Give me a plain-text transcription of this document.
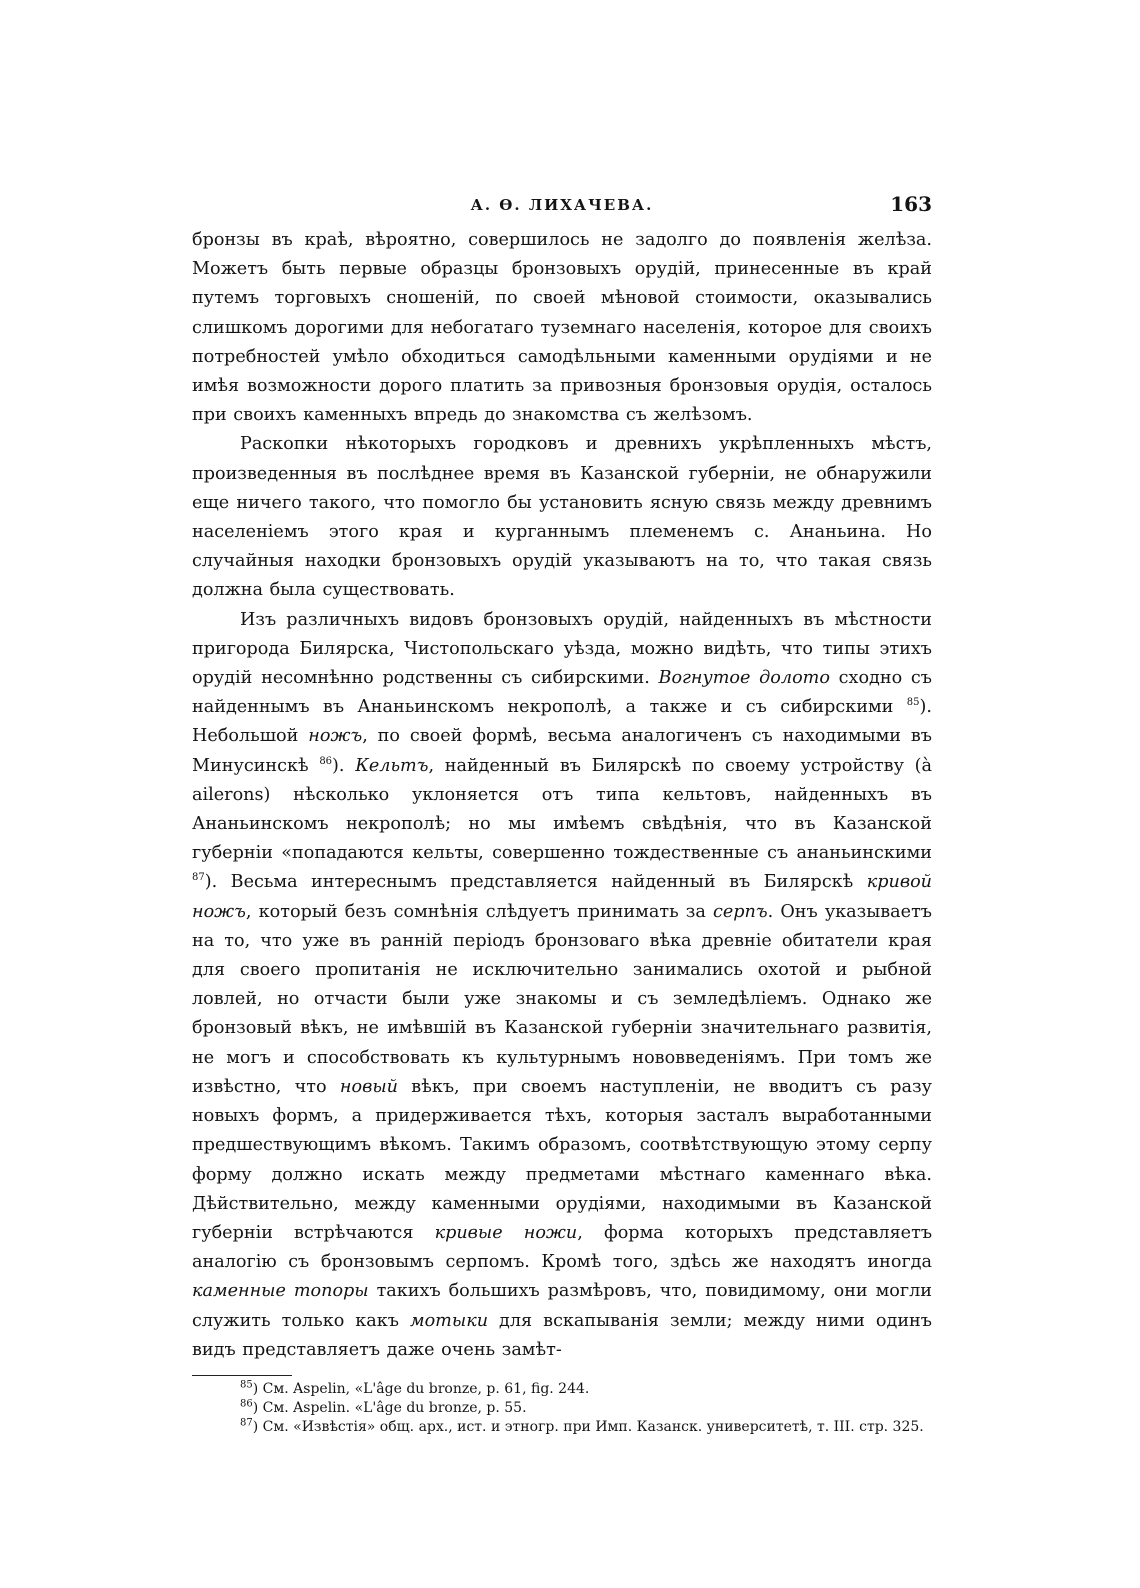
А. Ѳ. ЛИХАЧЕВА.	163

бронзы въ краѣ, вѣроятно, совершилось не задолго до появленія желѣза. Можетъ быть первые образцы бронзовыхъ орудій, принесенные въ край путемъ торговыхъ сношеній, по своей мѣновой стоимости, оказывались слишкомъ дорогими для небогатаго туземнаго населенія, которое для своихъ потребностей умѣло обходиться самодѣльными каменными орудіями и не имѣя возможности дорого платить за привозныя бронзовыя орудія, осталось при своихъ каменныхъ впредь до знакомства съ желѣзомъ.

Раскопки нѣкоторыхъ городковъ и древнихъ укрѣпленныхъ мѣстъ, произведенныя въ послѣднее время въ Казанской губерніи, не обнаружили еще ничего такого, что помогло бы установить ясную связь между древнимъ населеніемъ этого края и курганнымъ племенемъ с. Ананьина. Но случайныя находки бронзовыхъ орудій указываютъ на то, что такая связь должна была существовать.

Изъ различныхъ видовъ бронзовыхъ орудій, найденныхъ въ мѣстности пригорода Билярска, Чистопольскаго уѣзда, можно видѣть, что типы этихъ орудій несомнѣнно родственны съ сибирскими. Вогнутое долото сходно съ найденнымъ въ Ананьинскомъ некрополѣ, а также и съ сибирскими $^{85}$). Небольшой ножъ, по своей формѣ, весьма аналогиченъ съ находимыми въ Минусинскѣ $^{86}$). Кельтъ, найденный въ Билярскѣ по своему устройству (à ailerons) нѣсколько уклоняется отъ типа кельтовъ, найденныхъ въ Ананьинскомъ некрополѣ; но мы имѣемъ свѣдѣнія, что въ Казанской губерніи «попадаются кельты, совершенно тождественные съ ананьинскими $^{87}$). Весьма интереснымъ представляется найденный въ Билярскѣ кривой ножъ, который безъ сомнѣнія слѣдуетъ принимать за серпъ. Онъ указываетъ на то, что уже въ ранній періодъ бронзоваго вѣка древніе обитатели края для своего пропитанія не исключительно занимались охотой и рыбной ловлей, но отчасти были уже знакомы и съ земледѣліемъ. Однако же бронзовый вѣкъ, не имѣвшій въ Казанской губерніи значительнаго развитія, не могъ и способствовать къ культурнымъ нововведеніямъ. При томъ же извѣстно, что новый вѣкъ, при своемъ наступленіи, не вводитъ съ разу новыхъ формъ, а придерживается тѣхъ, которыя засталъ выработанными предшествующимъ вѣкомъ. Такимъ образомъ, соотвѣтствующую этому серпу форму должно искать между предметами мѣстнаго каменнаго вѣка. Дѣйствительно, между каменными орудіями, находимыми въ Казанской губерніи встрѣчаются кривые ножи, форма которыхъ представляетъ аналогію съ бронзовымъ серпомъ. Кромѣ того, здѣсь же находятъ иногда каменные топоры такихъ большихъ размѣровъ, что, повидимому, они могли служить только какъ мотыки для вскапыванія земли; между ними одинъ видъ представляетъ даже очень замѣт-

$^{85}$) См. Aspelin, «L'âge du bronze, p. 61, fig. 244.

$^{86}$) См. Aspelin. «L'âge du bronze, p. 55.

$^{87}$) См. «Извѣстія» общ. арх., ист. и этногр. при Имп. Казанск. университетѣ, т. III. стр. 325.
